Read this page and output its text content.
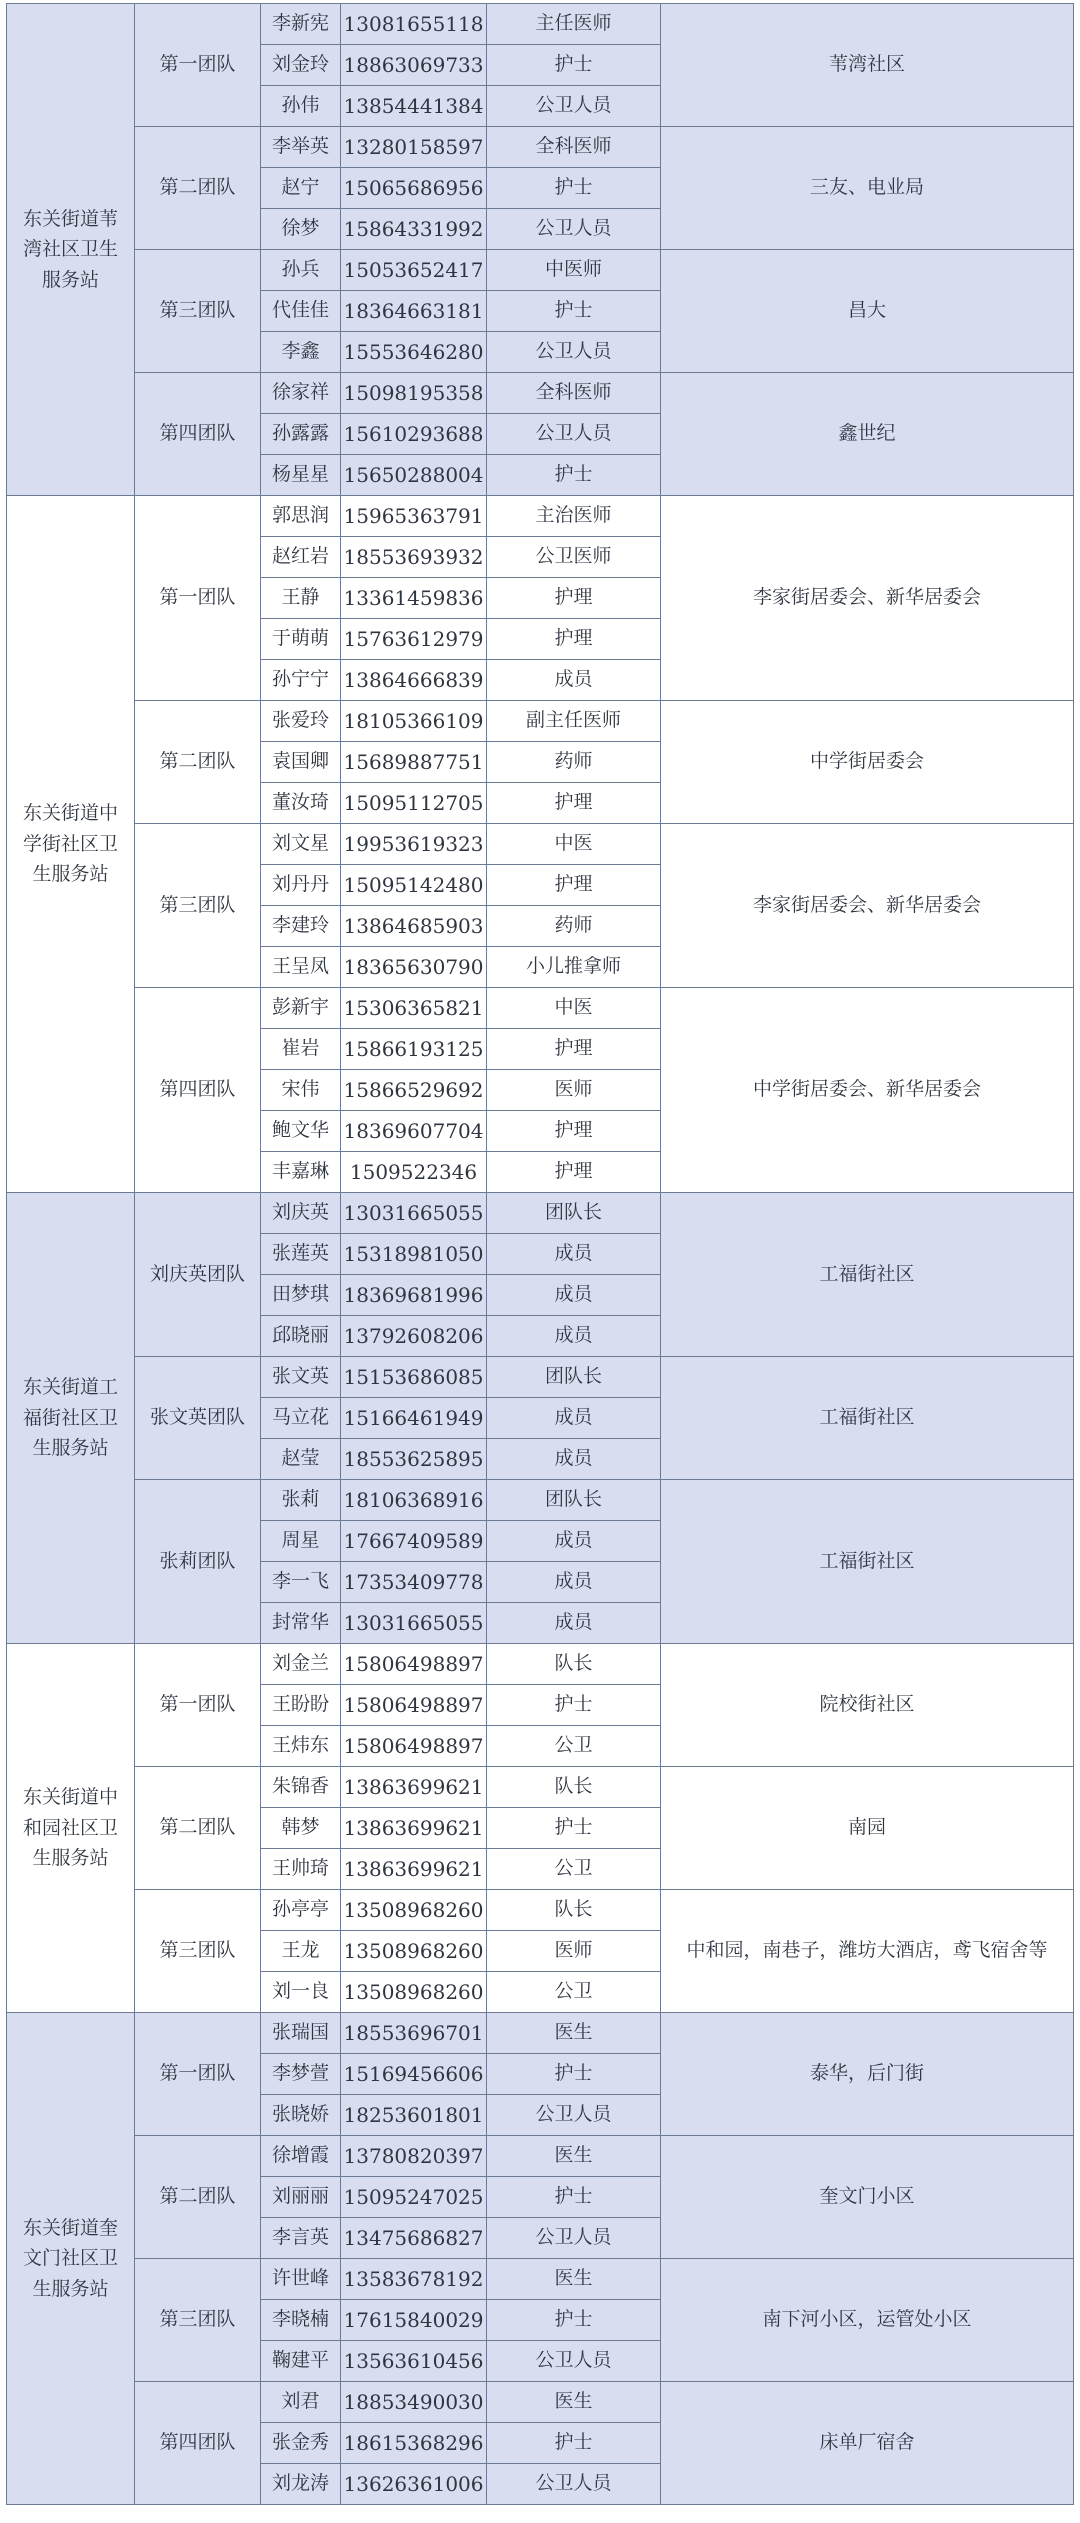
东关街道苇湾社区卫生服务站
第一团队	苇湾社区
李新宪 13081655118	主任医师
刘金玲 18863069733	护士
孙伟	13854441384	公卫人员
第二团队	三友、电业局
李举英 13280158597	全科医师
赵宁	15065686956	护士
徐梦	15864331992	公卫人员
第三团队	昌大
孙兵	15053652417	中医师
代佳佳 18364663181	护士
李鑫	15553646280	公卫人员
第四团队	鑫世纪
徐家祥 15098195358	全科医师
孙露露 15610293688	公卫人员
杨星星 15650288004	护士
东关街道中学街社区卫生服务站
第一团队	李家街居委会、新华居委会
郭思润 15965363791	主治医师
赵红岩 18553693932	公卫医师
王静	13361459836	护理
于萌萌 15763612979	护理
孙宁宁 13864666839	成员
第二团队	中学街居委会
张爱玲 18105366109	副主任医师
袁国卿 15689887751	药师
董汝琦 15095112705	护理
第三团队	李家街居委会、新华居委会
刘文星 19953619323	中医
刘丹丹 15095142480	护理
李建玲 13864685903	药师
王呈凤 18365630790	小儿推拿师
第四团队	中学街居委会、新华居委会
彭新宇 15306365821	中医
崔岩	15866193125	护理
宋伟	15866529692	医师
鲍文华 18369607704	护理
丰嘉琳	1509522346	护理
东关街道工福街社区卫生服务站
刘庆英团队	工福街社区
刘庆英 13031665055	团队长
张莲英 15318981050	成员
田梦琪 18369681996	成员
邱晓丽 13792608206	成员
张文英团队	工福街社区
张文英 15153686085	团队长
马立花 15166461949	成员
赵莹	18553625895	成员
张莉团队	工福街社区
张莉	18106368916	团队长
周星	17667409589	成员
李一飞 17353409778	成员
封常华 13031665055	成员
东关街道中和园社区卫生服务站
第一团队	院校街社区
刘金兰 15806498897	队长
王盼盼 15806498897	护士
王炜东 15806498897	公卫
第二团队	南园
朱锦香 13863699621	队长
韩梦	13863699621	护士
王帅琦 13863699621	公卫
第三团队	中和园，南巷子，潍坊大酒店，鸢飞宿舍等
孙亭亭 13508968260	队长
王龙	13508968260	医师
刘一良 13508968260	公卫
东关街道奎文门社区卫生服务站
第一团队	泰华，后门街
张瑞国 18553696701	医生
李梦萱 15169456606	护士
张晓娇 18253601801	公卫人员
第二团队	奎文门小区
徐增霞 13780820397	医生
刘丽丽 15095247025	护士
李言英 13475686827	公卫人员
第三团队	南下河小区，运管处小区
许世峰 13583678192	医生
李晓楠 17615840029	护士
鞠建平 13563610456	公卫人员
第四团队	床单厂宿舍
刘君	18853490030	医生
张金秀 18615368296	护士
刘龙涛 13626361006	公卫人员
